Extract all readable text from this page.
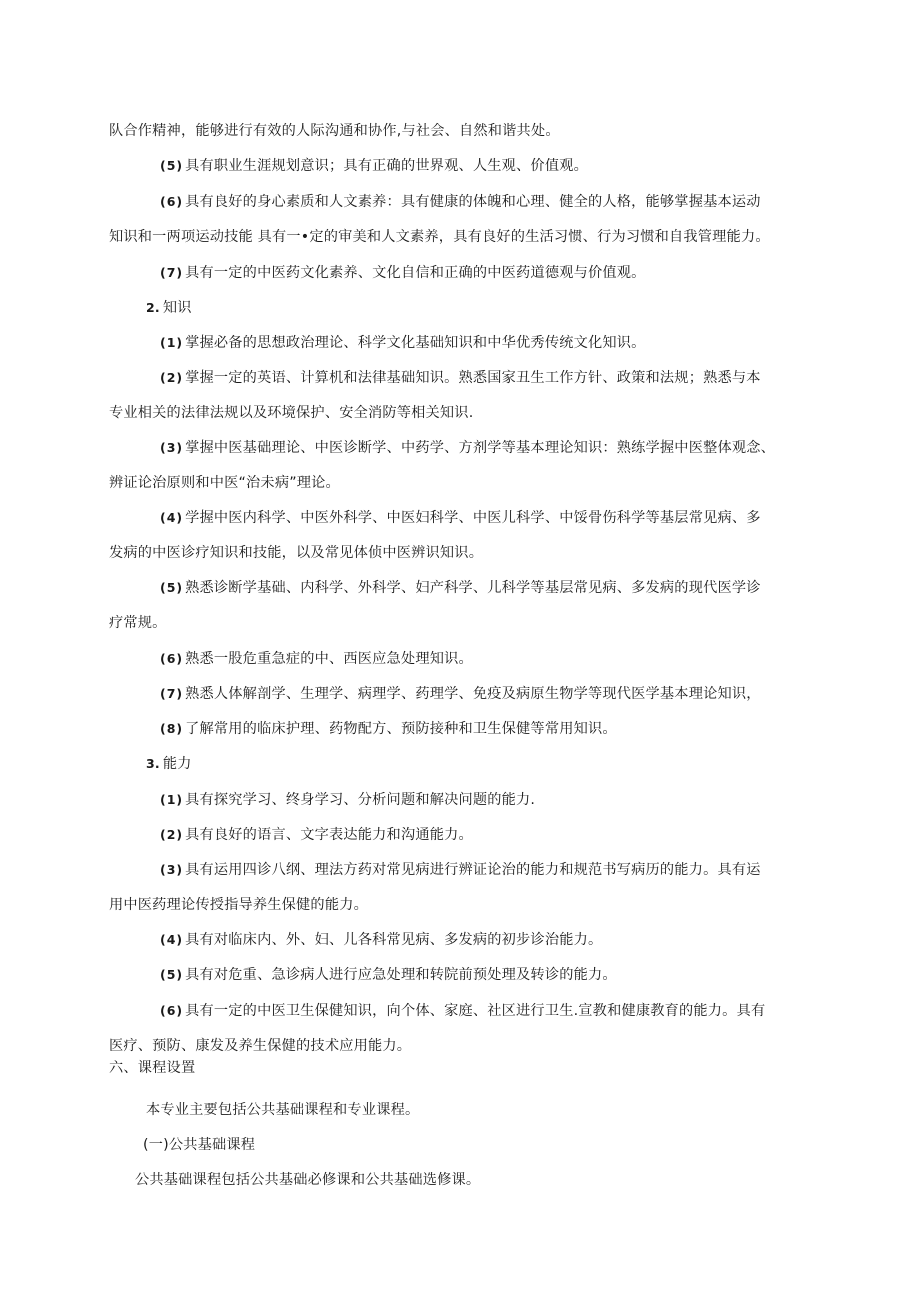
队合作精神，能够进行有效的人际沟通和协作,与社会、自然和谐共处。
(5) 具有职业生涯规划意识；具有正确的世界观、人生观、价值观。
(6) 具有良好的身心素质和人文素养：具有健康的体魄和心理、健全的人格，能够掌握基本运动
知识和一两项运动技能 具有一•定的审美和人文素养，具有良好的生活习惯、行为习惯和自我管理能力。
(7) 具有一定的中医药文化素养、文化自信和正确的中医药道德观与价值观。
2. 知识
(1) 掌握必备的思想政治理论、科学文化基础知识和中华优秀传统文化知识。
(2) 掌握一定的英语、计算机和法律基础知识。熟悉国家丑生工作方针、政策和法规；熟悉与本
专业相关的法律法规以及环境保护、安全消防等相关知识.
(3) 掌握中医基础理论、中医诊断学、中药学、方剂学等基本理论知识：熟练学握中医整体观念、
辨证论治原则和中医“治未病”理论。
(4) 学握中医内科学、中医外科学、中医妇科学、中医儿科学、中馁骨伤科学等基层常见病、多
发病的中医诊疗知识和技能，以及常见体侦中医辨识知识。
(5) 熟悉诊断学基础、内科学、外科学、妇产科学、儿科学等基层常见病、多发病的现代医学诊
疗常规。
(6) 熟悉一股危重急症的中、西医应急处理知识。
(7) 熟悉人体解剖学、生理学、病理学、药理学、免疫及病原生物学等现代医学基本理论知识，
(8) 了解常用的临床护理、药物配方、预防接种和卫生保健等常用知识。
3. 能力
(1) 具有探究学习、终身学习、分析问题和解决问题的能力.
(2) 具有良好的语言、文字表达能力和沟通能力。
(3) 具有运用四诊八纲、理法方药对常见病进行辨证论治的能力和规范书写病历的能力。具有运
用中医药理论传授指导养生保健的能力。
(4) 具有对临床内、外、妇、儿各科常见病、多发病的初步诊治能力。
(5) 具有对危重、急诊病人进行应急处理和转院前预处理及转诊的能力。
(6) 具有一定的中医卫生保健知识，向个体、家庭、社区进行卫生.宣教和健康教育的能力。具有
医疗、预防、康发及养生保健的技术应用能力。
六、课程设置
本专业主要包括公共基础课程和专业课程。
(一)公共基础课程
公共基础课程包括公共基础必修课和公共基础选修课。
